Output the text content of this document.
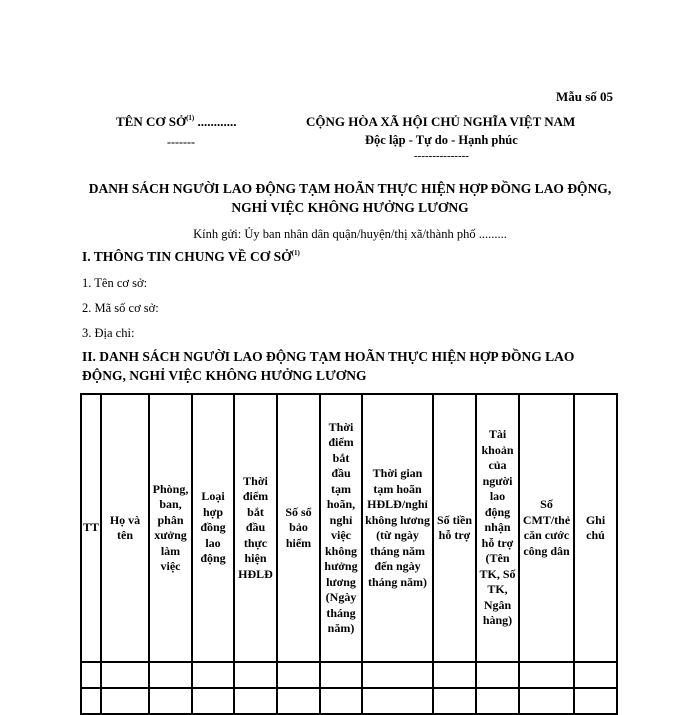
Mẫu số 05
TÊN CƠ SỞ$^{(1)}$ ............
-------
CỘNG HÒA XÃ HỘI CHỦ NGHĨA VIỆT NAM
Độc lập - Tự do - Hạnh phúc
---------------
DANH SÁCH NGƯỜI LAO ĐỘNG TẠM HOÃN THỰC HIỆN HỢP ĐỒNG LAO ĐỘNG,
NGHỈ VIỆC KHÔNG HƯỞNG LƯƠNG
Kính gửi: Ủy ban nhân dân quận/huyện/thị xã/thành phố .........
I. THÔNG TIN CHUNG VỀ CƠ SỞ$^{(1)}$
1. Tên cơ sở:
2. Mã số cơ sở:
3. Địa chỉ:
II. DANH SÁCH NGƯỜI LAO ĐỘNG TẠM HOÃN THỰC HIỆN HỢP ĐỒNG LAO
ĐỘNG, NGHỈ VIỆC KHÔNG HƯỞNG LƯƠNG
TT	Họ và tên	Phòng, ban, phân xưởng làm việc	Loại hợp đồng lao động	Thời điểm bắt đầu thực hiện HĐLĐ	Số sổ bảo hiểm	Thời điểm bắt đầu tạm hoãn, nghỉ việc không hưởng lương (Ngày tháng năm)	Thời gian tạm hoãn HĐLĐ/nghỉ không lương (từ ngày tháng năm đến ngày tháng năm)	Số tiền hỗ trợ	Tài khoản của người lao động nhận hỗ trợ (Tên TK, Số TK, Ngân hàng)	Số CMT/thẻ căn cước công dân	Ghi chú
